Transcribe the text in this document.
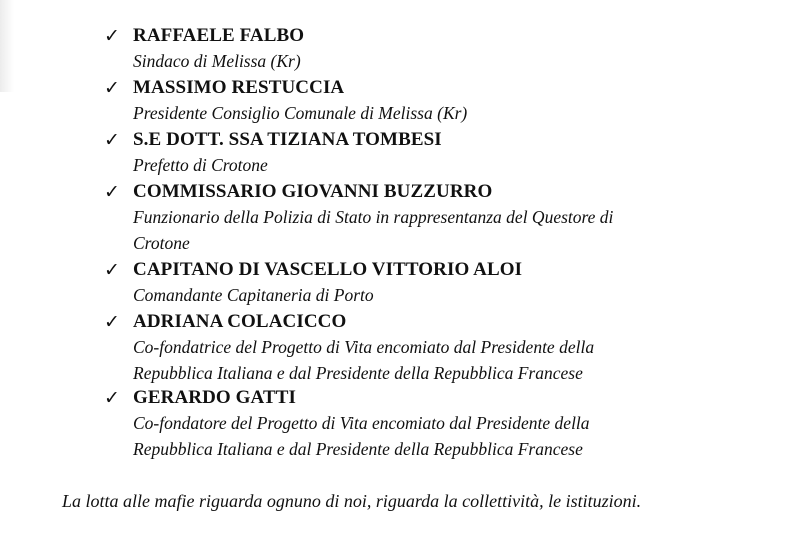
✓ RAFFAELE FALBO
Sindaco di Melissa (Kr)
✓ MASSIMO RESTUCCIA
Presidente Consiglio Comunale di Melissa (Kr)
✓ S.E DOTT. SSA TIZIANA TOMBESI
Prefetto di Crotone
✓ COMMISSARIO GIOVANNI BUZZURRO
Funzionario della Polizia di Stato in rappresentanza del Questore di
Crotone
✓ CAPITANO DI VASCELLO VITTORIO ALOI
Comandante Capitaneria di Porto
✓ ADRIANA COLACICCO
Co-fondatrice del Progetto di Vita encomiato dal Presidente della
Repubblica Italiana e dal Presidente della Repubblica Francese
✓ GERARDO GATTI
Co-fondatore del Progetto di Vita encomiato dal Presidente della
Repubblica Italiana e dal Presidente della Repubblica Francese
La lotta alle mafie riguarda ognuno di noi, riguarda la collettività, le istituzioni.
